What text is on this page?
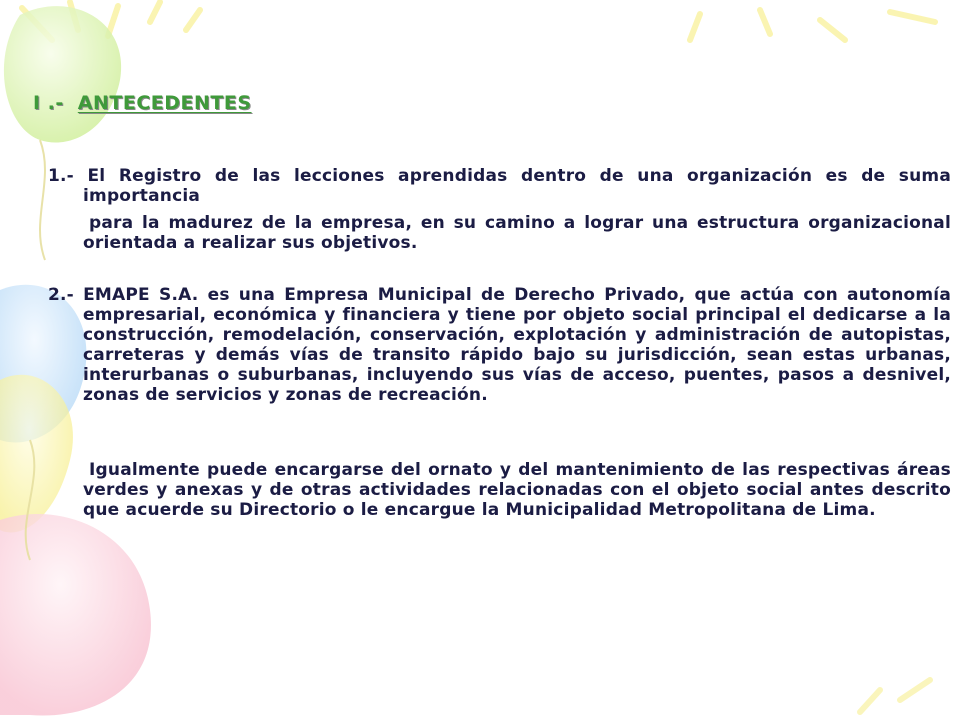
I .- ANTECEDENTES
1.- El Registro de las lecciones aprendidas dentro de una organización es de suma importancia
para la madurez de la empresa, en su camino a lograr una estructura organizacional orientada a realizar sus objetivos.
2.- EMAPE S.A. es una Empresa Municipal de Derecho Privado, que actúa con autonomía empresarial, económica y financiera y tiene por objeto social principal el dedicarse a la construcción, remodelación, conservación, explotación y administración de autopistas, carreteras y demás vías de transito rápido bajo su jurisdicción, sean estas urbanas, interurbanas o suburbanas, incluyendo sus vías de acceso, puentes, pasos a desnivel, zonas de servicios y zonas de recreación.
Igualmente puede encargarse del ornato y del mantenimiento de las respectivas áreas verdes y anexas y de otras actividades relacionadas con el objeto social antes descrito que acuerde su Directorio o le encargue la Municipalidad Metropolitana de Lima.
